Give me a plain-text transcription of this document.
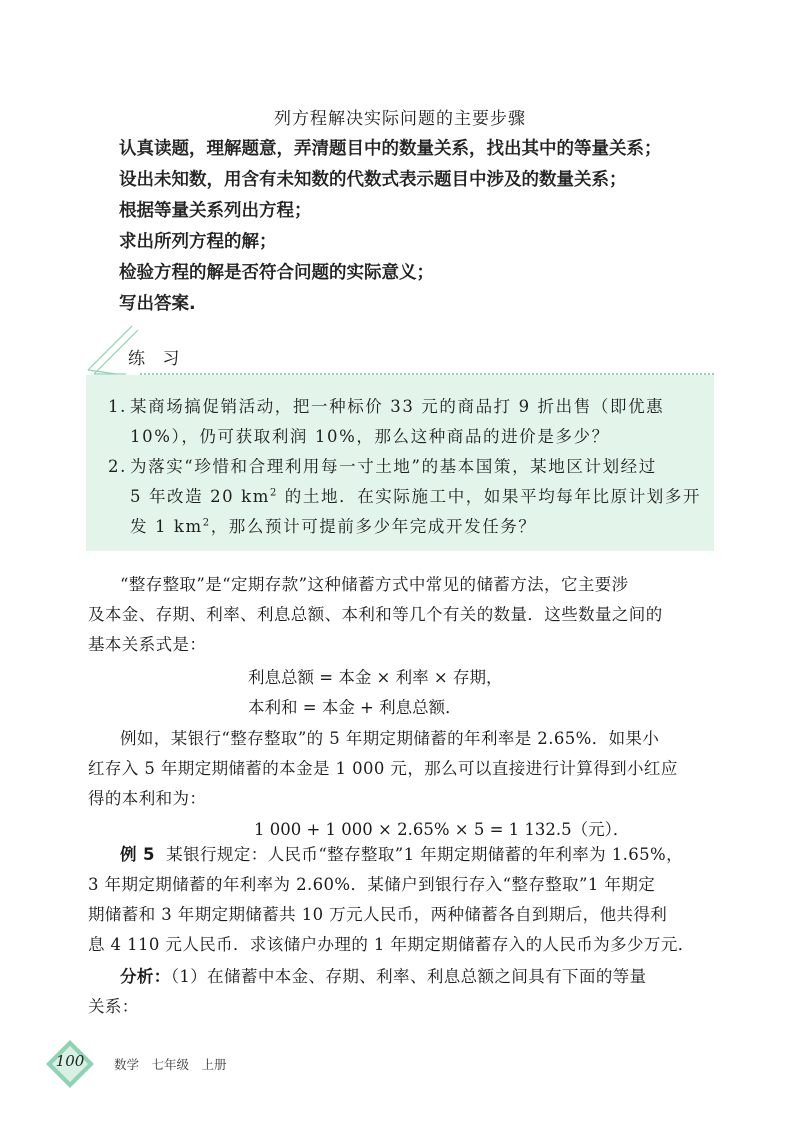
列方程解决实际问题的主要步骤
认真读题，理解题意，弄清题目中的数量关系，找出其中的等量关系；
设出未知数，用含有未知数的代数式表示题目中涉及的数量关系；
根据等量关系列出方程；
求出所列方程的解；
检验方程的解是否符合问题的实际意义；
写出答案.
练 习
1. 某商场搞促销活动，把一种标价 33 元的商品打 9 折出售（即优惠
10%），仍可获取利润 10%，那么这种商品的进价是多少？
2. 为落实“珍惜和合理利用每一寸土地”的基本国策，某地区计划经过
5 年改造 20 $km^2$ 的土地．在实际施工中，如果平均每年比原计划多开
发 1 $km^2$，那么预计可提前多少年完成开发任务？
“整存整取”是“定期存款”这种储蓄方式中常见的储蓄方法，它主要涉
及本金、存期、利率、利息总额、本利和等几个有关的数量．这些数量之间的
基本关系式是：
利息总额 = 本金 × 利率 × 存期，
本利和 = 本金 + 利息总额．
例如，某银行“整存整取”的 5 年期定期储蓄的年利率是 2.65%．如果小
红存入 5 年期定期储蓄的本金是 1 000 元，那么可以直接进行计算得到小红应
得的本利和为：
1 000 + 1 000 × 2.65% × 5 = 1 132.5（元）．
例 5 某银行规定：人民币“整存整取”1 年期定期储蓄的年利率为 1.65%，
3 年期定期储蓄的年利率为 2.60%．某储户到银行存入“整存整取”1 年期定
期储蓄和 3 年期定期储蓄共 10 万元人民币，两种储蓄各自到期后，他共得利
息 4 110 元人民币．求该储户办理的 1 年期定期储蓄存入的人民币为多少万元．
分析：（1）在储蓄中本金、存期、利率、利息总额之间具有下面的等量
关系：
100	数学　七年级　上册
